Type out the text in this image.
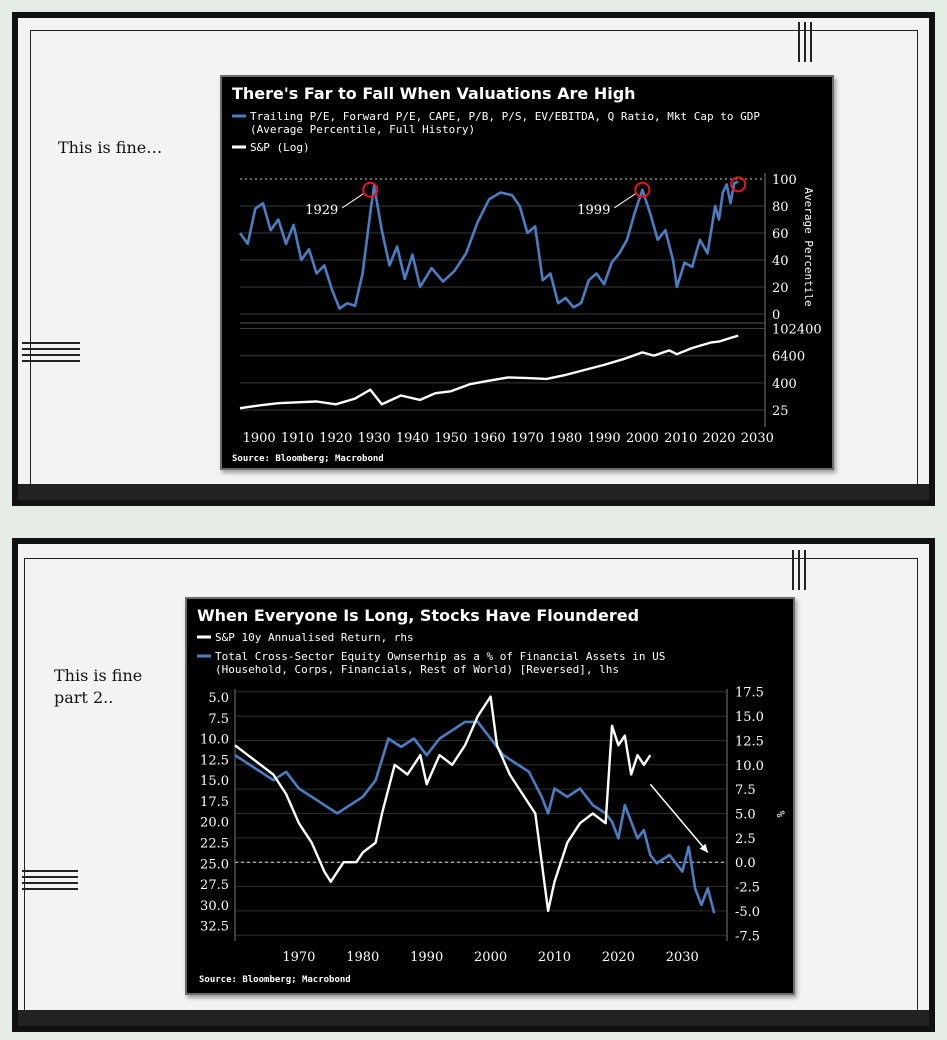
This is fine…
There's Far to Fall When Valuations Are High
Trailing P/E, Forward P/E, CAPE, P/B, P/S, EV/EBITDA, Q Ratio, Mkt Cap to GDP
(Average Percentile, Full History)
S&P (Log)
100
80
60
40
20
0
Average Percentile
1929	1999
102400
6400
400
25
1900 1910 1920 1930 1940 1950 1960 1970 1980 1990 2000 2010 2020 2030
Source: Bloomberg; Macrobond
This is fine part 2..
When Everyone Is Long, Stocks Have Floundered
S&P 10y Annualised Return, rhs
Total Cross-Sector Equity Ownserhip as a % of Financial Assets in US
(Household, Corps, Financials, Rest of World) [Reversed], lhs
5.0
7.5
10.0
12.5
15.0
17.5
20.0
22.5
25.0
27.5
30.0
32.5
17.5
15.0
12.5
10.0
7.5
5.0
2.5
0.0
-2.5
-5.0
-7.5
%
1970 1980 1990 2000 2010 2020 2030
Source: Bloomberg; Macrobond
